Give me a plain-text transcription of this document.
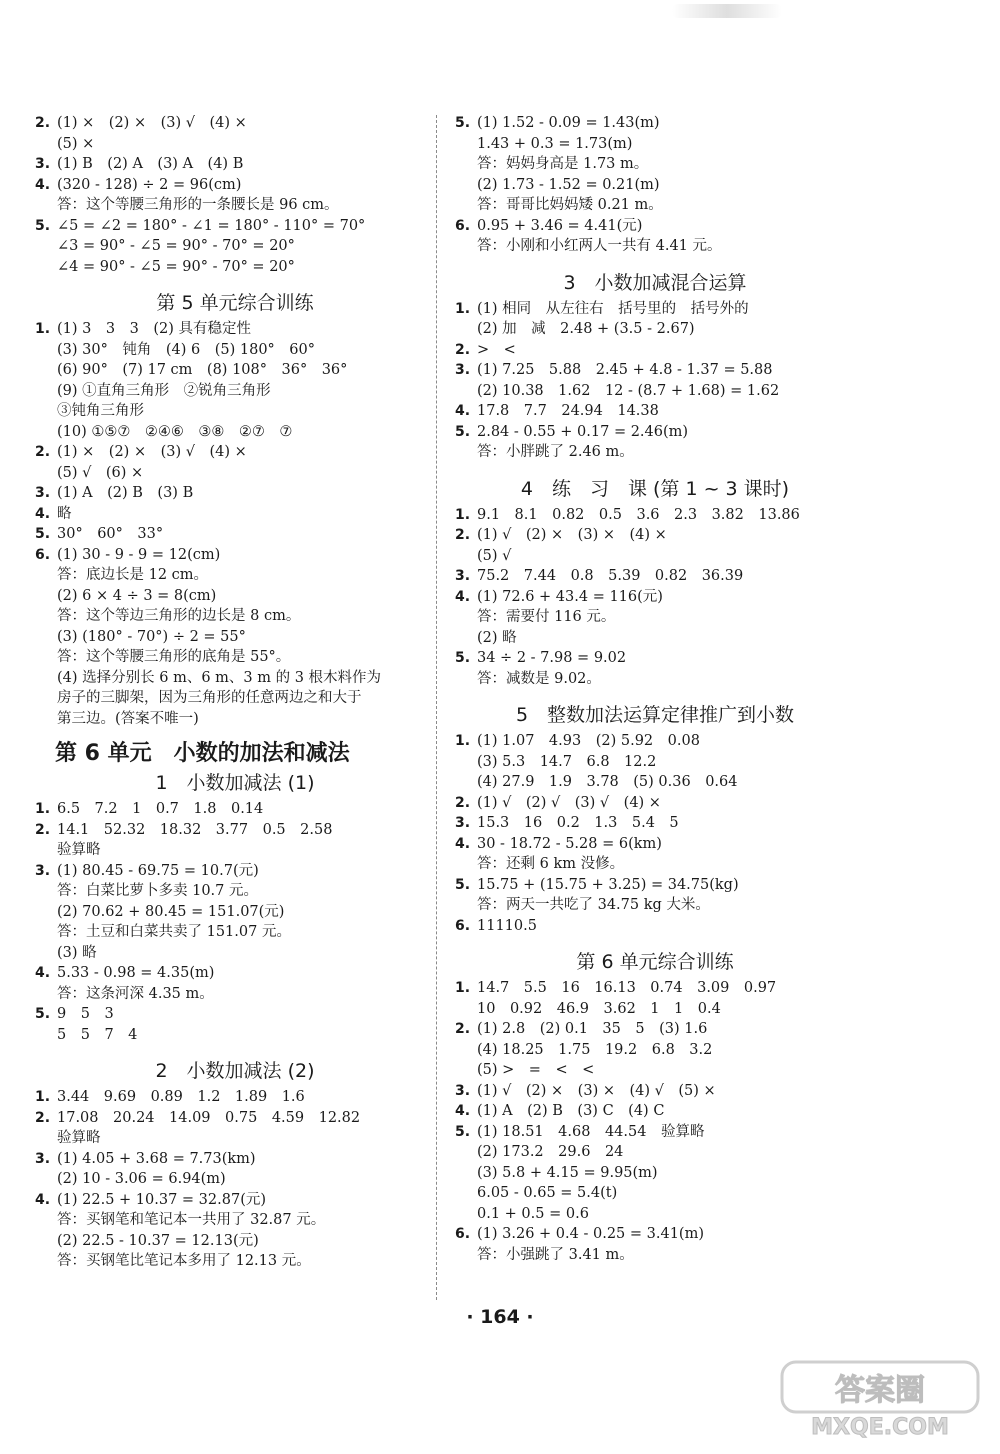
2. (1) ×　(2) ×　(3) √　(4) ×
(5) ×
3. (1) B　(2) A　(3) A　(4) B
4. (320 - 128) ÷ 2 = 96(cm)
答：这个等腰三角形的一条腰长是 96 cm。
5. ∠5 = ∠2 = 180° - ∠1 = 180° - 110° = 70°
∠3 = 90° - ∠5 = 90° - 70° = 20°
∠4 = 90° - ∠5 = 90° - 70° = 20°
第 5 单元综合训练
1. (1) 3　3　3　(2) 具有稳定性
(3) 30°　钝角　(4) 6　(5) 180°　60°
(6) 90°　(7) 17 cm　(8) 108°　36°　36°
(9) ①直角三角形　②锐角三角形
③钝角三角形
(10) ①⑤⑦　②④⑥　③⑧　②⑦　⑦
2. (1) ×　(2) ×　(3) √　(4) ×
(5) √　(6) ×
3. (1) A　(2) B　(3) B
4. 略
5. 30°　60°　33°
6. (1) 30 - 9 - 9 = 12(cm)
答：底边长是 12 cm。
(2) 6 × 4 ÷ 3 = 8(cm)
答：这个等边三角形的边长是 8 cm。
(3) (180° - 70°) ÷ 2 = 55°
答：这个等腰三角形的底角是 55°。
(4) 选择分别长 6 m、6 m、3 m 的 3 根木料作为
房子的三脚架，因为三角形的任意两边之和大于
第三边。(答案不唯一)
第 6 单元　小数的加法和减法
1　小数加减法 (1)
1. 6.5　7.2　1　0.7　1.8　0.14
2. 14.1　52.32　18.32　3.77　0.5　2.58
验算略
3. (1) 80.45 - 69.75 = 10.7(元)
答：白菜比萝卜多卖 10.7 元。
(2) 70.62 + 80.45 = 151.07(元)
答：土豆和白菜共卖了 151.07 元。
(3) 略
4. 5.33 - 0.98 = 4.35(m)
答：这条河深 4.35 m。
5. 9　5　3
5　5　7　4
2　小数加减法 (2)
1. 3.44　9.69　0.89　1.2　1.89　1.6
2. 17.08　20.24　14.09　0.75　4.59　12.82
验算略
3. (1) 4.05 + 3.68 = 7.73(km)
(2) 10 - 3.06 = 6.94(m)
4. (1) 22.5 + 10.37 = 32.87(元)
答：买钢笔和笔记本一共用了 32.87 元。
(2) 22.5 - 10.37 = 12.13(元)
答：买钢笔比笔记本多用了 12.13 元。
5. (1) 1.52 - 0.09 = 1.43(m)
1.43 + 0.3 = 1.73(m)
答：妈妈身高是 1.73 m。
(2) 1.73 - 1.52 = 0.21(m)
答：哥哥比妈妈矮 0.21 m。
6. 0.95 + 3.46 = 4.41(元)
答：小刚和小红两人一共有 4.41 元。
3　小数加减混合运算
1. (1) 相同　从左往右　括号里的　括号外的
(2) 加　减　2.48 + (3.5 - 2.67)
2. >　<
3. (1) 7.25　5.88　2.45 + 4.8 - 1.37 = 5.88
(2) 10.38　1.62　12 - (8.7 + 1.68) = 1.62
4. 17.8　7.7　24.94　14.38
5. 2.84 - 0.55 + 0.17 = 2.46(m)
答：小胖跳了 2.46 m。
4　练　习　课 (第 1 ~ 3 课时)
1. 9.1　8.1　0.82　0.5　3.6　2.3　3.82　13.86
2. (1) √　(2) ×　(3) ×　(4) ×
(5) √
3. 75.2　7.44　0.8　5.39　0.82　36.39
4. (1) 72.6 + 43.4 = 116(元)
答：需要付 116 元。
(2) 略
5. 34 ÷ 2 - 7.98 = 9.02
答：减数是 9.02。
5　整数加法运算定律推广到小数
1. (1) 1.07　4.93　(2) 5.92　0.08
(3) 5.3　14.7　6.8　12.2
(4) 27.9　1.9　3.78　(5) 0.36　0.64
2. (1) √　(2) √　(3) √　(4) ×
3. 15.3　16　0.2　1.3　5.4　5
4. 30 - 18.72 - 5.28 = 6(km)
答：还剩 6 km 没修。
5. 15.75 + (15.75 + 3.25) = 34.75(kg)
答：两天一共吃了 34.75 kg 大米。
6. 11110.5
第 6 单元综合训练
1. 14.7　5.5　16　16.13　0.74　3.09　0.97
10　0.92　46.9　3.62　1　1　0.4
2. (1) 2.8　(2) 0.1　35　5　(3) 1.6
(4) 18.25　1.75　19.2　6.8　3.2
(5) >　=　<　<
3. (1) √　(2) ×　(3) ×　(4) √　(5) ×
4. (1) A　(2) B　(3) C　(4) C
5. (1) 18.51　4.68　44.54　验算略
(2) 173.2　29.6　24
(3) 5.8 + 4.15 = 9.95(m)
6.05 - 0.65 = 5.4(t)
0.1 + 0.5 = 0.6
6. (1) 3.26 + 0.4 - 0.25 = 3.41(m)
答：小强跳了 3.41 m。
· 164 ·
答案圈
MXQE.COM
